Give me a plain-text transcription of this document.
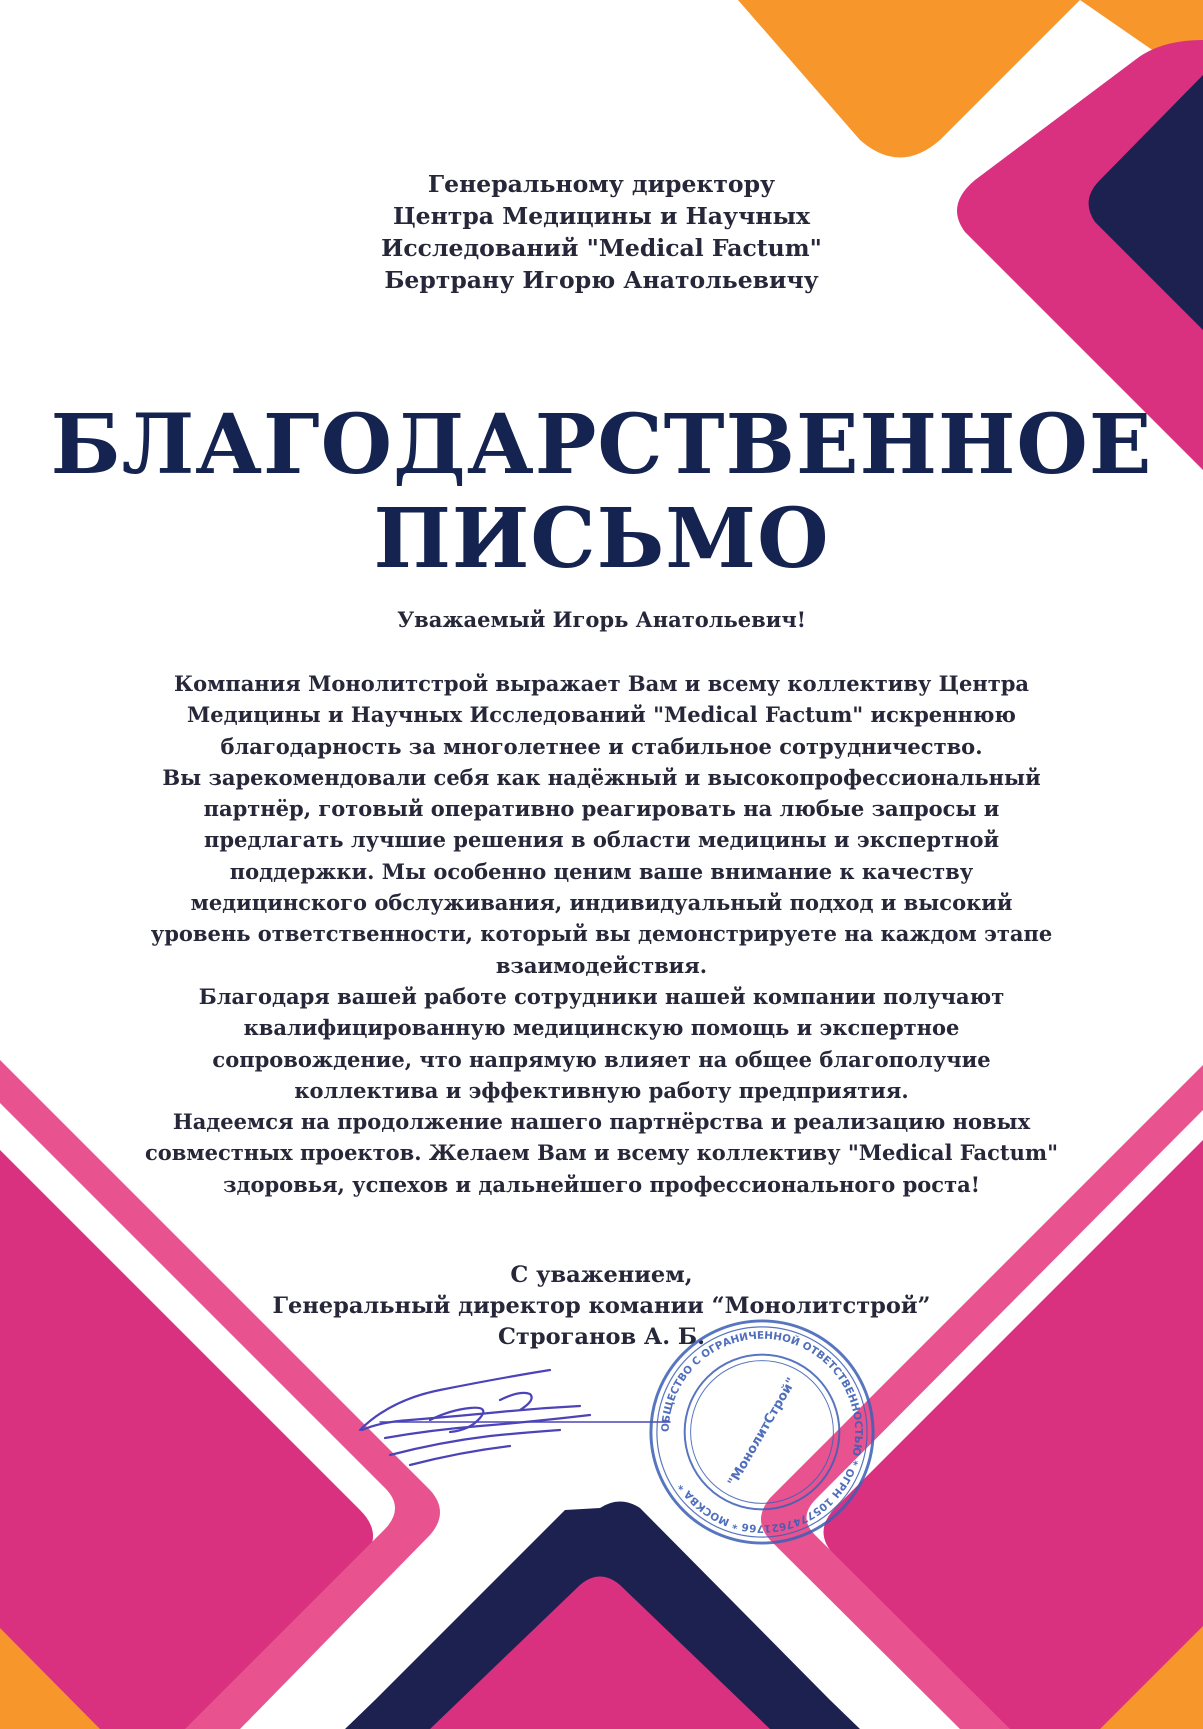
Генеральному директору
Центра Медицины и Научных
Исследований "Medical Factum"
Бертрану Игорю Анатольевичу
БЛАГОДАРСТВЕННОЕ
ПИСЬМО
Уважаемый Игорь Анатольевич!
Компания Монолитстрой выражает Вам и всему коллективу Центра
Медицины и Научных Исследований "Medical Factum" искреннюю
благодарность за многолетнее и стабильное сотрудничество.
Вы зарекомендовали себя как надёжный и высокопрофессиональный
партнёр, готовый оперативно реагировать на любые запросы и
предлагать лучшие решения в области медицины и экспертной
поддержки. Мы особенно ценим ваше внимание к качеству
медицинского обслуживания, индивидуальный подход и высокий
уровень ответственности, который вы демонстрируете на каждом этапе
взаимодействия.
Благодаря вашей работе сотрудники нашей компании получают
квалифицированную медицинскую помощь и экспертное
сопровождение, что напрямую влияет на общее благополучие
коллектива и эффективную работу предприятия.
Надеемся на продолжение нашего партнёрства и реализацию новых
совместных проектов. Желаем Вам и всему коллективу "Medical Factum"
здоровья, успехов и дальнейшего профессионального роста!
С уважением,
Генеральный директор комании “Монолитстрой”
Строганов А. Б.
ОБЩЕСТВО С ОГРАНИЧЕННОЙ ОТВЕТСТВЕННОСТЬЮ * ОГРН 1057747621766 * МОСКВА *	"МонолитСтрой"
